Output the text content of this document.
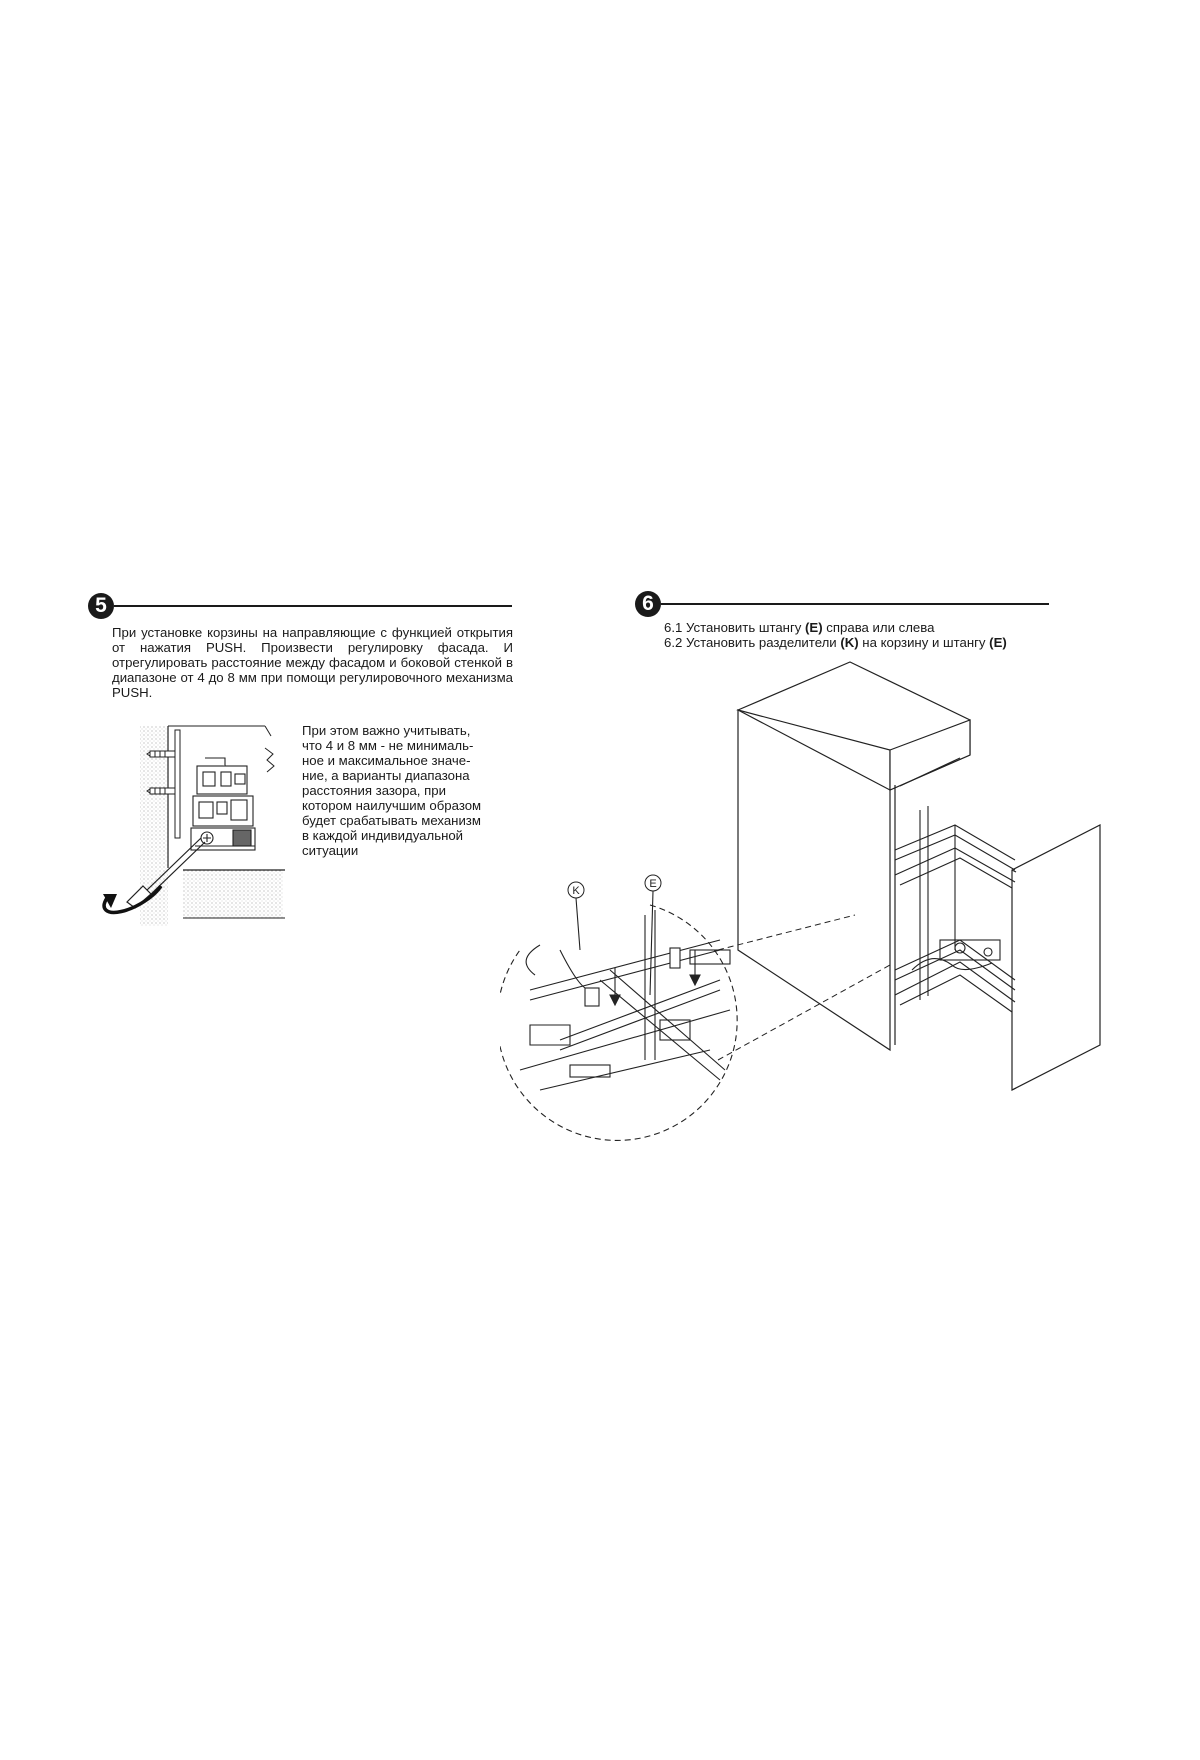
5
При установке корзины на направляющие с функцией открытия от нажатия PUSH. Произвести регулировку фасада. И отрегулировать расстояние между фасадом и боковой стенкой в диапазоне от 4 до 8 мм при помощи регулировочного механизма PUSH.
При этом важно учитывать,
что 4 и 8 мм - не минималь-
ное и максимальное значе-
ние, а варианты диапазона
расстояния зазора, при
котором наилучшим образом
будет срабатывать механизм
в каждой индивидуальной
ситуации
6
6.1 Установить штангу (E) справа или слева
6.2 Установить разделители (K) на корзину и штангу (E)
K
E
